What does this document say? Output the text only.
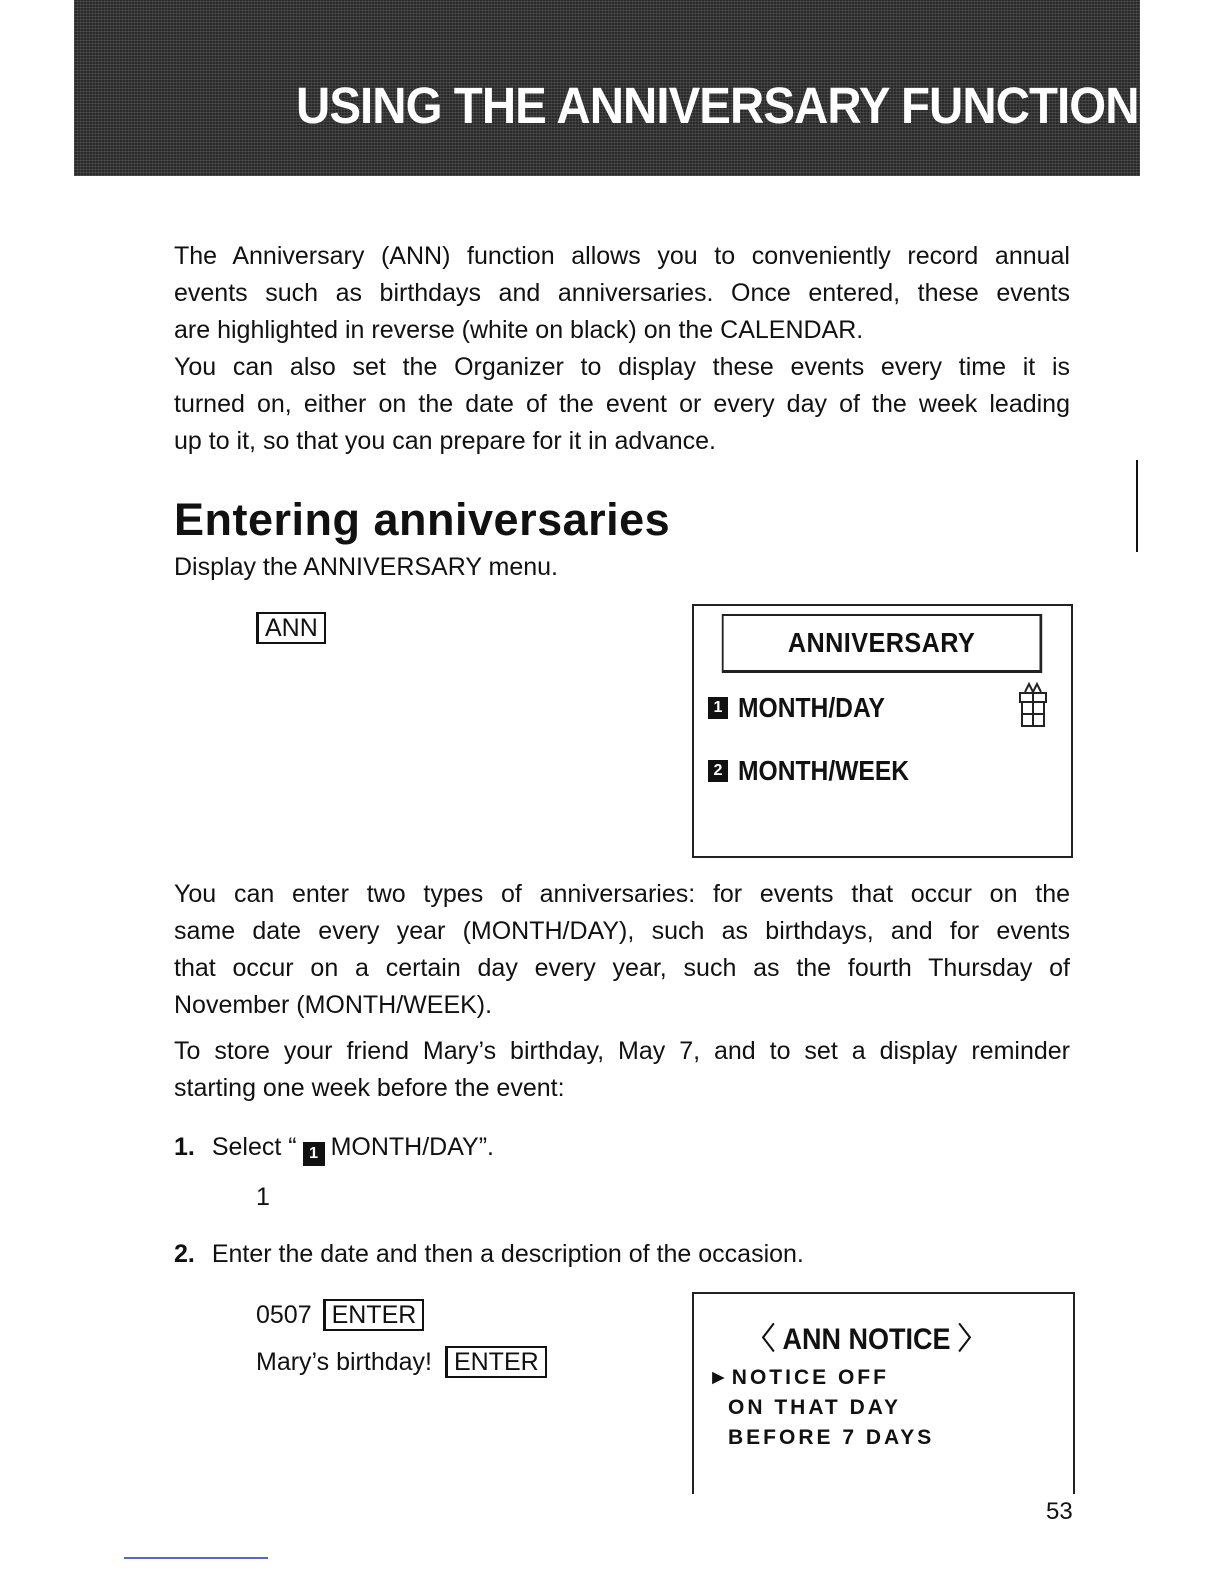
USING THE ANNIVERSARY FUNCTION
The Anniversary (ANN) function allows you to conveniently record annual
events such as birthdays and anniversaries. Once entered, these events
are highlighted in reverse (white on black) on the CALENDAR.
You can also set the Organizer to display these events every time it is
turned on, either on the date of the event or every day of the week leading
up to it, so that you can prepare for it in advance.
Entering anniversaries
Display the ANNIVERSARY menu.
ANN	ANNIVERSARY
1 MONTH/DAY
2 MONTH/WEEK
You can enter two types of anniversaries: for events that occur on the
same date every year (MONTH/DAY), such as birthdays, and for events
that occur on a certain day every year, such as the fourth Thursday of
November (MONTH/WEEK).
To store your friend Mary’s birthday, May 7, and to set a display reminder
starting one week before the event:
1. Select “ 1 MONTH/DAY”.
1
2. Enter the date and then a description of the occasion.
0507 ENTER
Mary’s birthday! ENTER
〈 ANN NOTICE 〉
►NOTICE OFF
ON THAT DAY
BEFORE 7 DAYS
53
